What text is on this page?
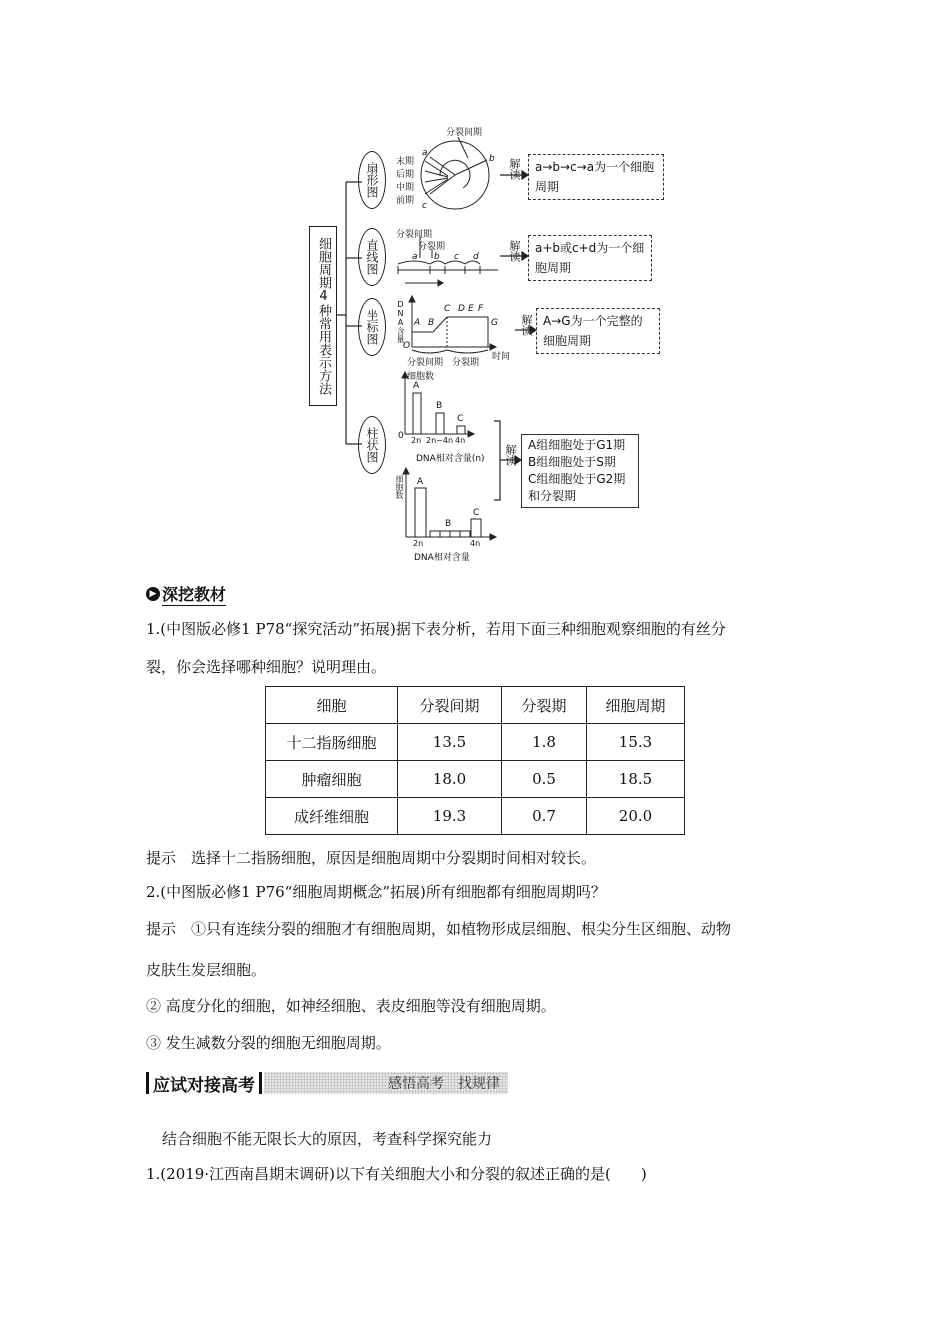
细胞周期4种常用表示方法
扇形图
直线图
坐标图
柱状图
分裂间期
末期
后期
中期
前期
a
b
c
分裂间期
分裂期
a b c d
DNA含量
O
A B
C D E F
G
时间
分裂间期 分裂期
细胞数
0
A
B
C
2n 2n~4n 4n
DNA相对含量(n)
细胞数 A
B
C
2n	4n
DNA相对含量
解读
解读
解读
解读
a→b→c→a为一个细胞周期
a+b或c+d为一个细胞周期
A→G为一个完整的细胞周期
A组细胞处于G1期
B组细胞处于S期
C组细胞处于G2期
和分裂期
▶ 深挖教材
1.(中图版必修1 P78“探究活动”拓展)据下表分析，若用下面三种细胞观察细胞的有丝分
裂，你会选择哪种细胞？说明理由。
细胞	分裂间期	分裂期	细胞周期
十二指肠细胞	13.5	1.8	15.3
肿瘤细胞	18.0	0.5	18.5
成纤维细胞	19.3	0.7	20.0
提示　选择十二指肠细胞，原因是细胞周期中分裂期时间相对较长。
2.(中图版必修1 P76“细胞周期概念”拓展)所有细胞都有细胞周期吗？
提示　①只有连续分裂的细胞才有细胞周期，如植物形成层细胞、根尖分生区细胞、动物
皮肤生发层细胞。
② 高度分化的细胞，如神经细胞、表皮细胞等没有细胞周期。
③ 发生减数分裂的细胞无细胞周期。
应试对接高考	感悟高考　找规律
结合细胞不能无限长大的原因，考查科学探究能力
1.(2019·江西南昌期末调研)以下有关细胞大小和分裂的叙述正确的是(　　)
